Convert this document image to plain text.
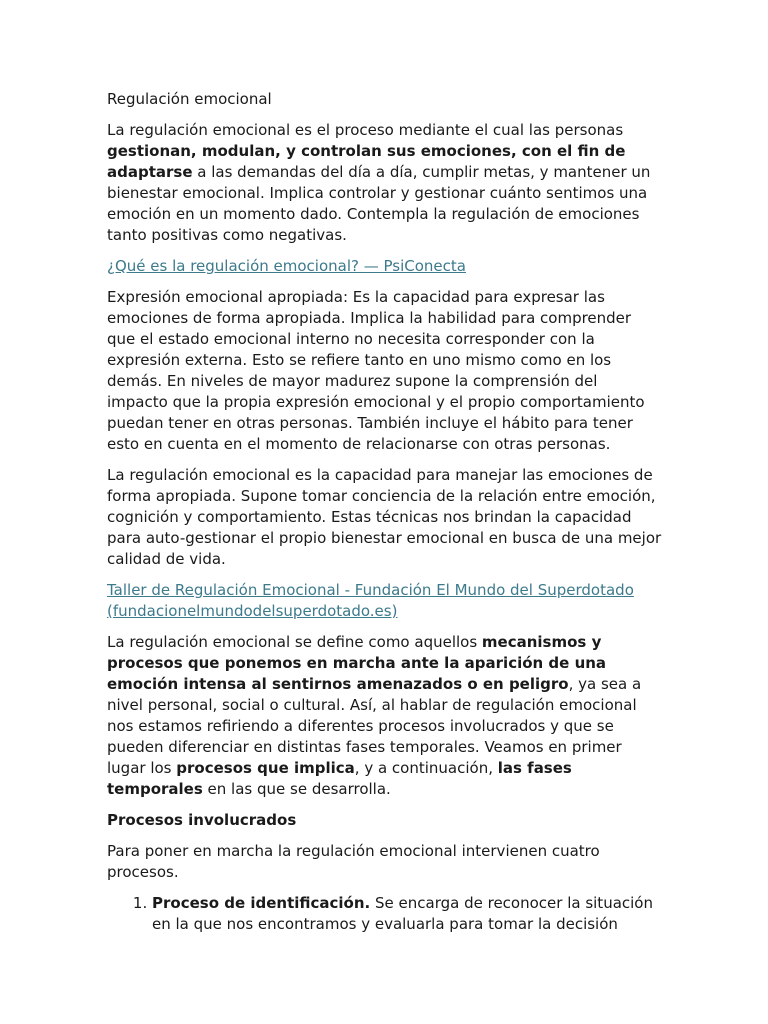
Regulación emocional

La regulación emocional es el proceso mediante el cual las personas gestionan, modulan, y controlan sus emociones, con el fin de adaptarse a las demandas del día a día, cumplir metas, y mantener un bienestar emocional. Implica controlar y gestionar cuánto sentimos una emoción en un momento dado. Contempla la regulación de emociones tanto positivas como negativas.

¿Qué es la regulación emocional? — PsiConecta

Expresión emocional apropiada: Es la capacidad para expresar las emociones de forma apropiada. Implica la habilidad para comprender que el estado emocional interno no necesita corresponder con la expresión externa. Esto se refiere tanto en uno mismo como en los demás. En niveles de mayor madurez supone la comprensión del impacto que la propia expresión emocional y el propio comportamiento puedan tener en otras personas. También incluye el hábito para tener esto en cuenta en el momento de relacionarse con otras personas.

La regulación emocional es la capacidad para manejar las emociones de forma apropiada. Supone tomar conciencia de la relación entre emoción, cognición y comportamiento. Estas técnicas nos brindan la capacidad para auto-gestionar el propio bienestar emocional en busca de una mejor calidad de vida.

Taller de Regulación Emocional - Fundación El Mundo del Superdotado (fundacionelmundodelsuperdotado.es)

La regulación emocional se define como aquellos mecanismos y procesos que ponemos en marcha ante la aparición de una emoción intensa al sentirnos amenazados o en peligro, ya sea a nivel personal, social o cultural. Así, al hablar de regulación emocional nos estamos refiriendo a diferentes procesos involucrados y que se pueden diferenciar en distintas fases temporales. Veamos en primer lugar los procesos que implica, y a continuación, las fases temporales en las que se desarrolla.

Procesos involucrados

Para poner en marcha la regulación emocional intervienen cuatro procesos.

1. Proceso de identificación. Se encarga de reconocer la situación en la que nos encontramos y evaluarla para tomar la decisión
